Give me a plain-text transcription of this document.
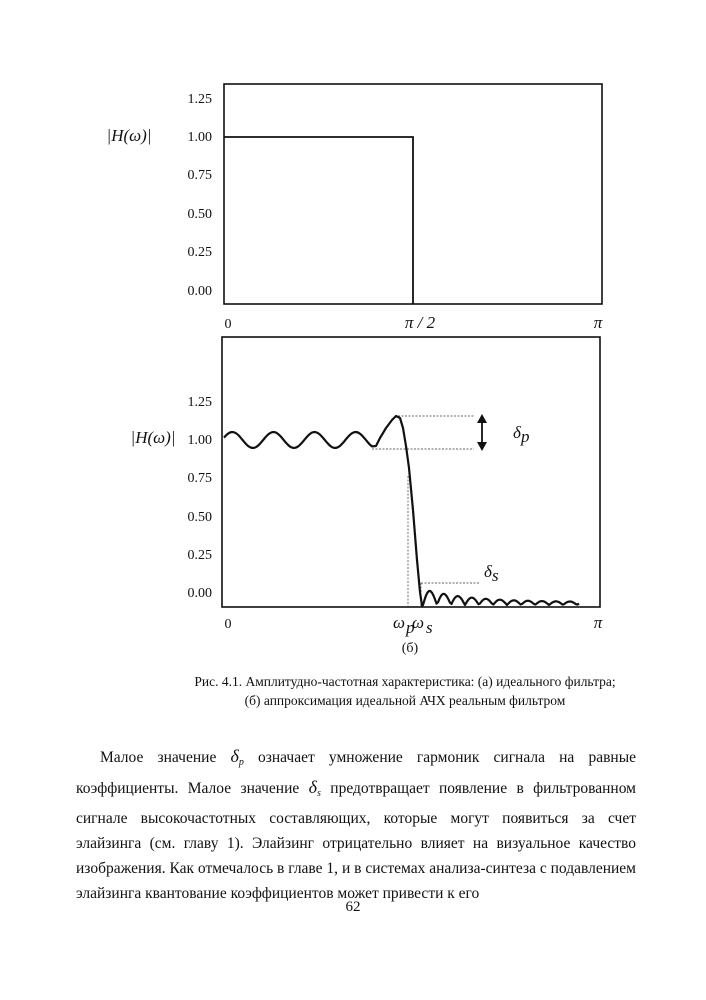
1.25
1.00
0.75
0.50
0.25
0.00
|H(ω)|
0	π / 2	π
1.25
1.00
0.75
0.50
0.25
0.00
|H(ω)|
0	ω p
ω s	π
(б)
δ p
δ s
Рис. 4.1. Амплитудно-частотная характеристика: (а) идеального фильтра;
(б) аппроксимация идеальной АЧХ реальным фильтром

Малое значение $\delta_p$ означает умножение гармоник сигнала на равные коэффициенты. Малое значение $\delta_s$ предотвращает появление в фильтрованном сигнале высокочастотных составляющих, которые могут появиться за счет элайзинга (см. главу 1). Элайзинг отрицательно влияет на визуальное качество изображения. Как отмечалось в главе 1, и в системах анализа-синтеза с подавлением элайзинга квантование коэффициентов может привести к его

62
